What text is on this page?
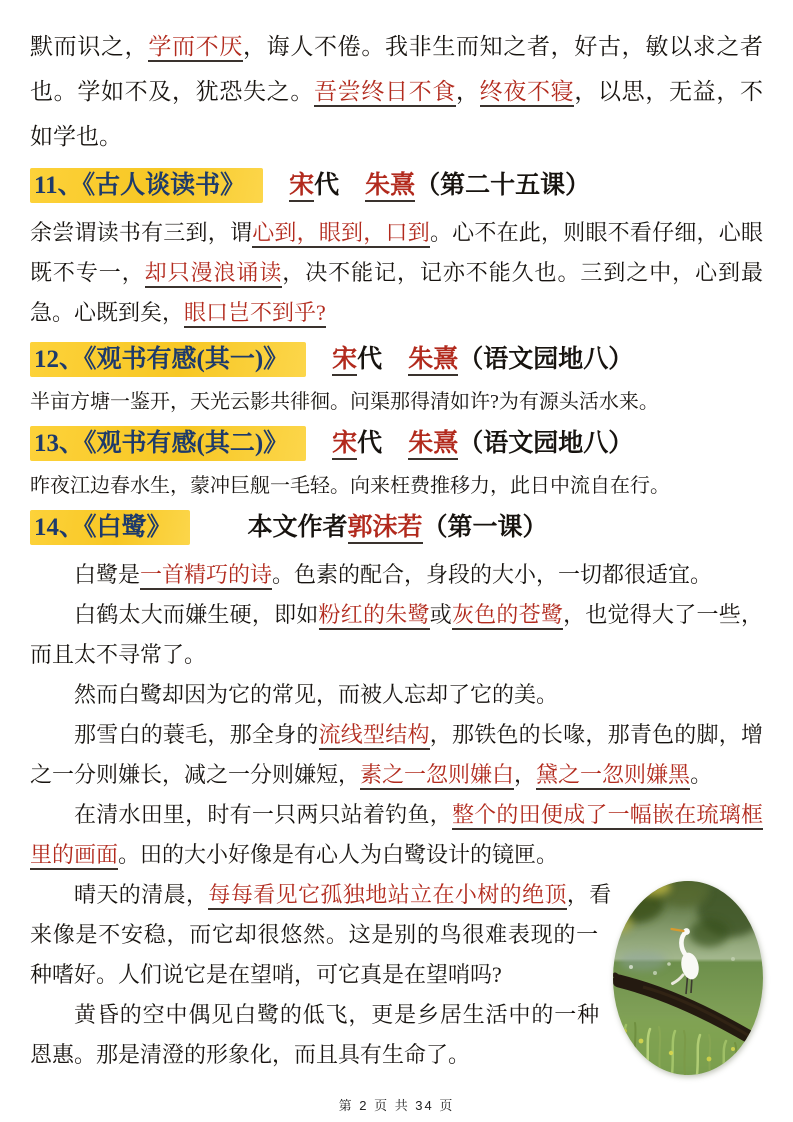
默而识之，学而不厌，诲人不倦。我非生而知之者，好古，敏以求之者也。学如不及，犹恐失之。吾尝终日不食，终夜不寝，以思，无益，不如学也。

11、《古人谈读书》 宋代 朱熹（第二十五课）

余尝谓读书有三到，谓心到，眼到，口到。心不在此，则眼不看仔细，心眼既不专一，却只漫浪诵读，决不能记，记亦不能久也。三到之中，心到最急。心既到矣，眼口岂不到乎?

12、《观书有感(其一)》 宋代 朱熹（语文园地八）

半亩方塘一鉴开，天光云影共徘徊。问渠那得清如许?为有源头活水来。

13、《观书有感(其二)》 宋代 朱熹（语文园地八）

昨夜江边春水生，蒙冲巨舰一毛轻。向来枉费推移力，此日中流自在行。

14、《白鹭》	本文作者郭沫若（第一课）

白鹭是一首精巧的诗。色素的配合，身段的大小，一切都很适宜。

白鹤太大而嫌生硬，即如粉红的朱鹭或灰色的苍鹭，也觉得大了一些，而且太不寻常了。

然而白鹭却因为它的常见，而被人忘却了它的美。

那雪白的蓑毛，那全身的流线型结构，那铁色的长喙，那青色的脚，增之一分则嫌长，减之一分则嫌短，素之一忽则嫌白，黛之一忽则嫌黑。

在清水田里，时有一只两只站着钓鱼，整个的田便成了一幅嵌在琉璃框里的画面。田的大小好像是有心人为白鹭设计的镜匣。

晴天的清晨，每每看见它孤独地站立在小树的绝顶，看来像是不安稳，而它却很悠然。这是别的鸟很难表现的一种嗜好。人们说它是在望哨，可它真是在望哨吗?

黄昏的空中偶见白鹭的低飞，更是乡居生活中的一种恩惠。那是清澄的形象化，而且具有生命了。

第 2 页 共 34 页
